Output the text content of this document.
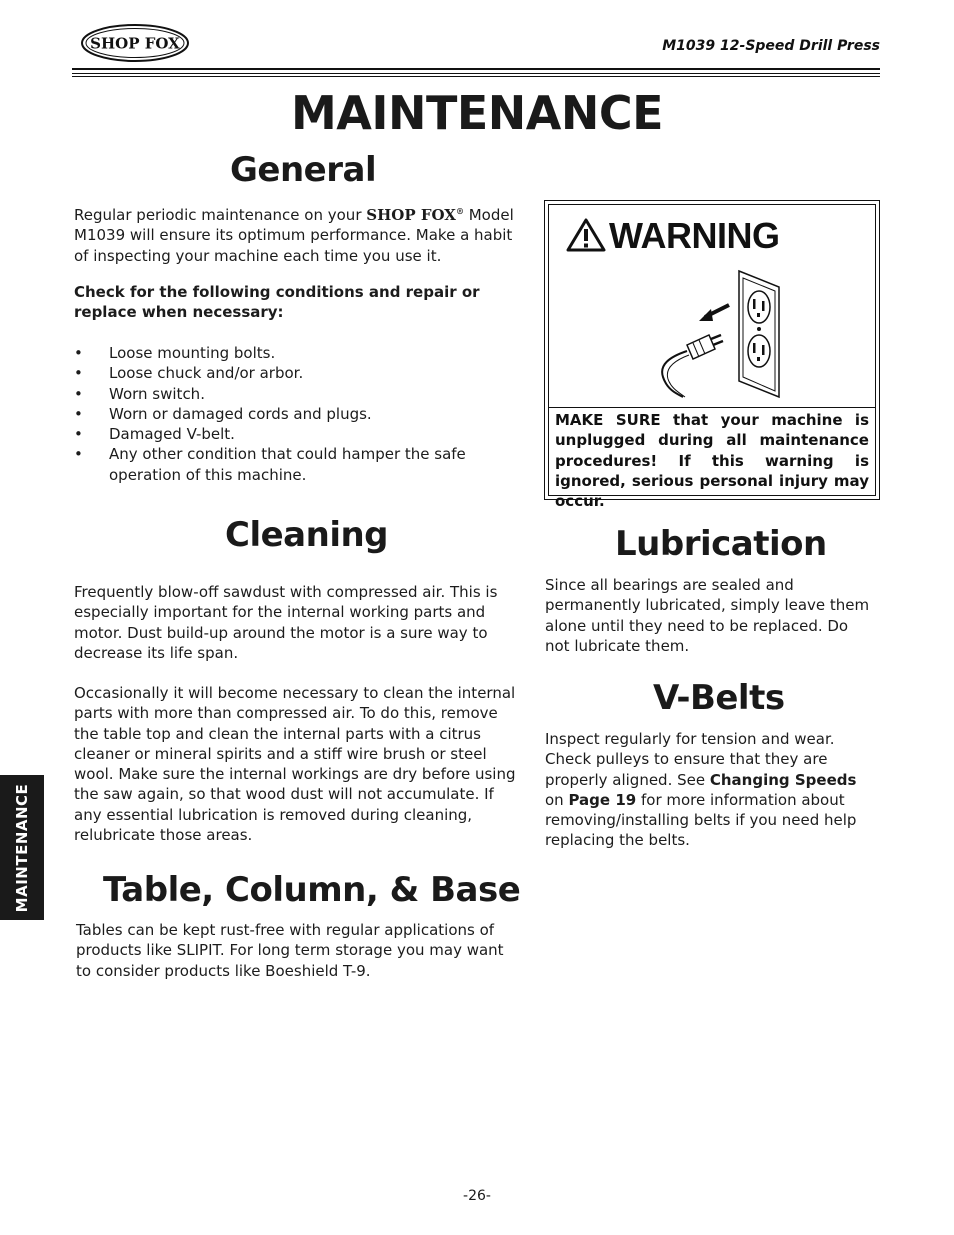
SHOP FOX	M1039 12-Speed Drill Press
MAINTENANCE
General
Regular periodic maintenance on your SHOP FOX® Model M1039 will ensure its optimum performance. Make a habit of inspecting your machine each time you use it.
Check for the following conditions and repair or replace when necessary:
• Loose mounting bolts.
• Loose chuck and/or arbor.
• Worn switch.
• Worn or damaged cords and plugs.
• Damaged V-belt.
• Any other condition that could hamper the safe operation of this machine.
WARNING
MAKE SURE that your machine is unplugged during all maintenance procedures! If this warning is ignored, serious personal injury may occur.
Cleaning
Frequently blow-off sawdust with compressed air. This is especially important for the internal working parts and motor. Dust build-up around the motor is a sure way to decrease its life span.
Occasionally it will become necessary to clean the internal parts with more than compressed air. To do this, remove the table top and clean the internal parts with a citrus cleaner or mineral spirits and a stiff wire brush or steel wool. Make sure the internal workings are dry before using the saw again, so that wood dust will not accumulate. If any essential lubrication is removed during cleaning, relubricate those areas.
Table, Column, & Base
Tables can be kept rust-free with regular applications of products like SLIPIT. For long term storage you may want to consider products like Boeshield T-9.
Lubrication
Since all bearings are sealed and permanently lubricated, simply leave them alone until they need to be replaced. Do not lubricate them.
V-Belts
Inspect regularly for tension and wear. Check pulleys to ensure that they are properly aligned. See Changing Speeds on Page 19 for more information about removing/installing belts if you need help replacing the belts.
MAINTENANCE
-26-
